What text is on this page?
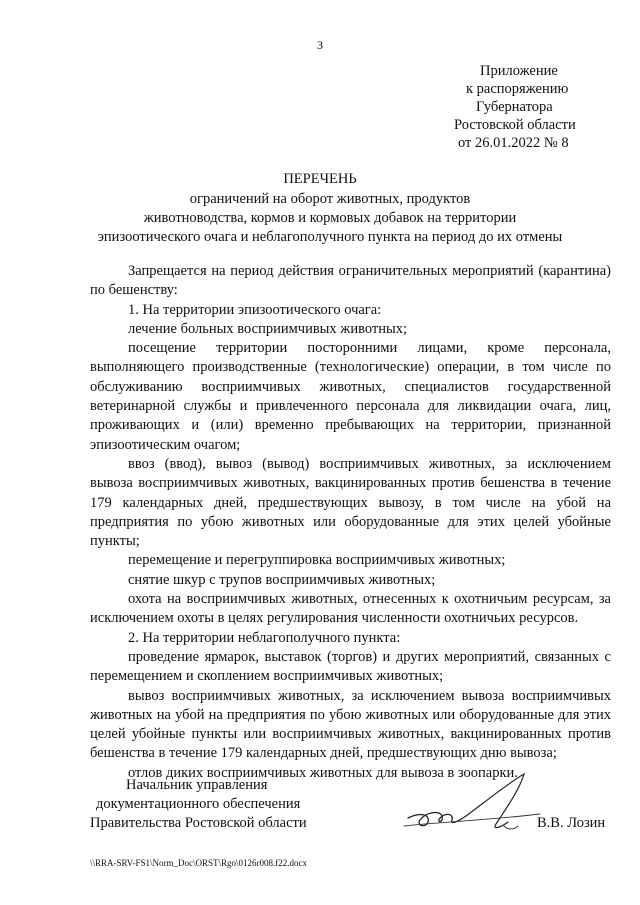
3
Приложение
к распоряжению
Губернатора
Ростовской области
от 26.01.2022 № 8
ПЕРЕЧЕНЬ
ограничений на оборот животных, продуктов
животноводства, кормов и кормовых добавок на территории
эпизоотического очага и неблагополучного пункта на период до их отмены

Запрещается на период действия ограничительных мероприятий (карантина) по бешенству:

1. На территории эпизоотического очага:

лечение больных восприимчивых животных;

посещение территории посторонними лицами, кроме персонала, выполняющего производственные (технологические) операции, в том числе по обслуживанию восприимчивых животных, специалистов государственной ветеринарной службы и привлеченного персонала для ликвидации очага, лиц, проживающих и (или) временно пребывающих на территории, признанной эпизоотическим очагом;

ввоз (ввод), вывоз (вывод) восприимчивых животных, за исключением вывоза восприимчивых животных, вакцинированных против бешенства в течение 179 календарных дней, предшествующих вывозу, в том числе на убой на предприятия по убою животных или оборудованные для этих целей убойные пункты;

перемещение и перегруппировка восприимчивых животных;

снятие шкур с трупов восприимчивых животных;

охота на восприимчивых животных, отнесенных к охотничьим ресурсам, за исключением охоты в целях регулирования численности охотничьих ресурсов.

2. На территории неблагополучного пункта:

проведение ярмарок, выставок (торгов) и других мероприятий, связанных с перемещением и скоплением восприимчивых животных;

вывоз восприимчивых животных, за исключением вывоза восприимчивых животных на убой на предприятия по убою животных или оборудованные для этих целей убойные пункты или восприимчивых животных, вакцинированных против бешенства в течение 179 календарных дней, предшествующих дню вывоза;

отлов диких восприимчивых животных для вывоза в зоопарки.

Начальник управления
документационного обеспечения
Правительства Ростовской области	В.В. Лозин
\\RRA-SRV-FS1\Norm_Doc\ORST\Rgo\0126r008.f22.docx
